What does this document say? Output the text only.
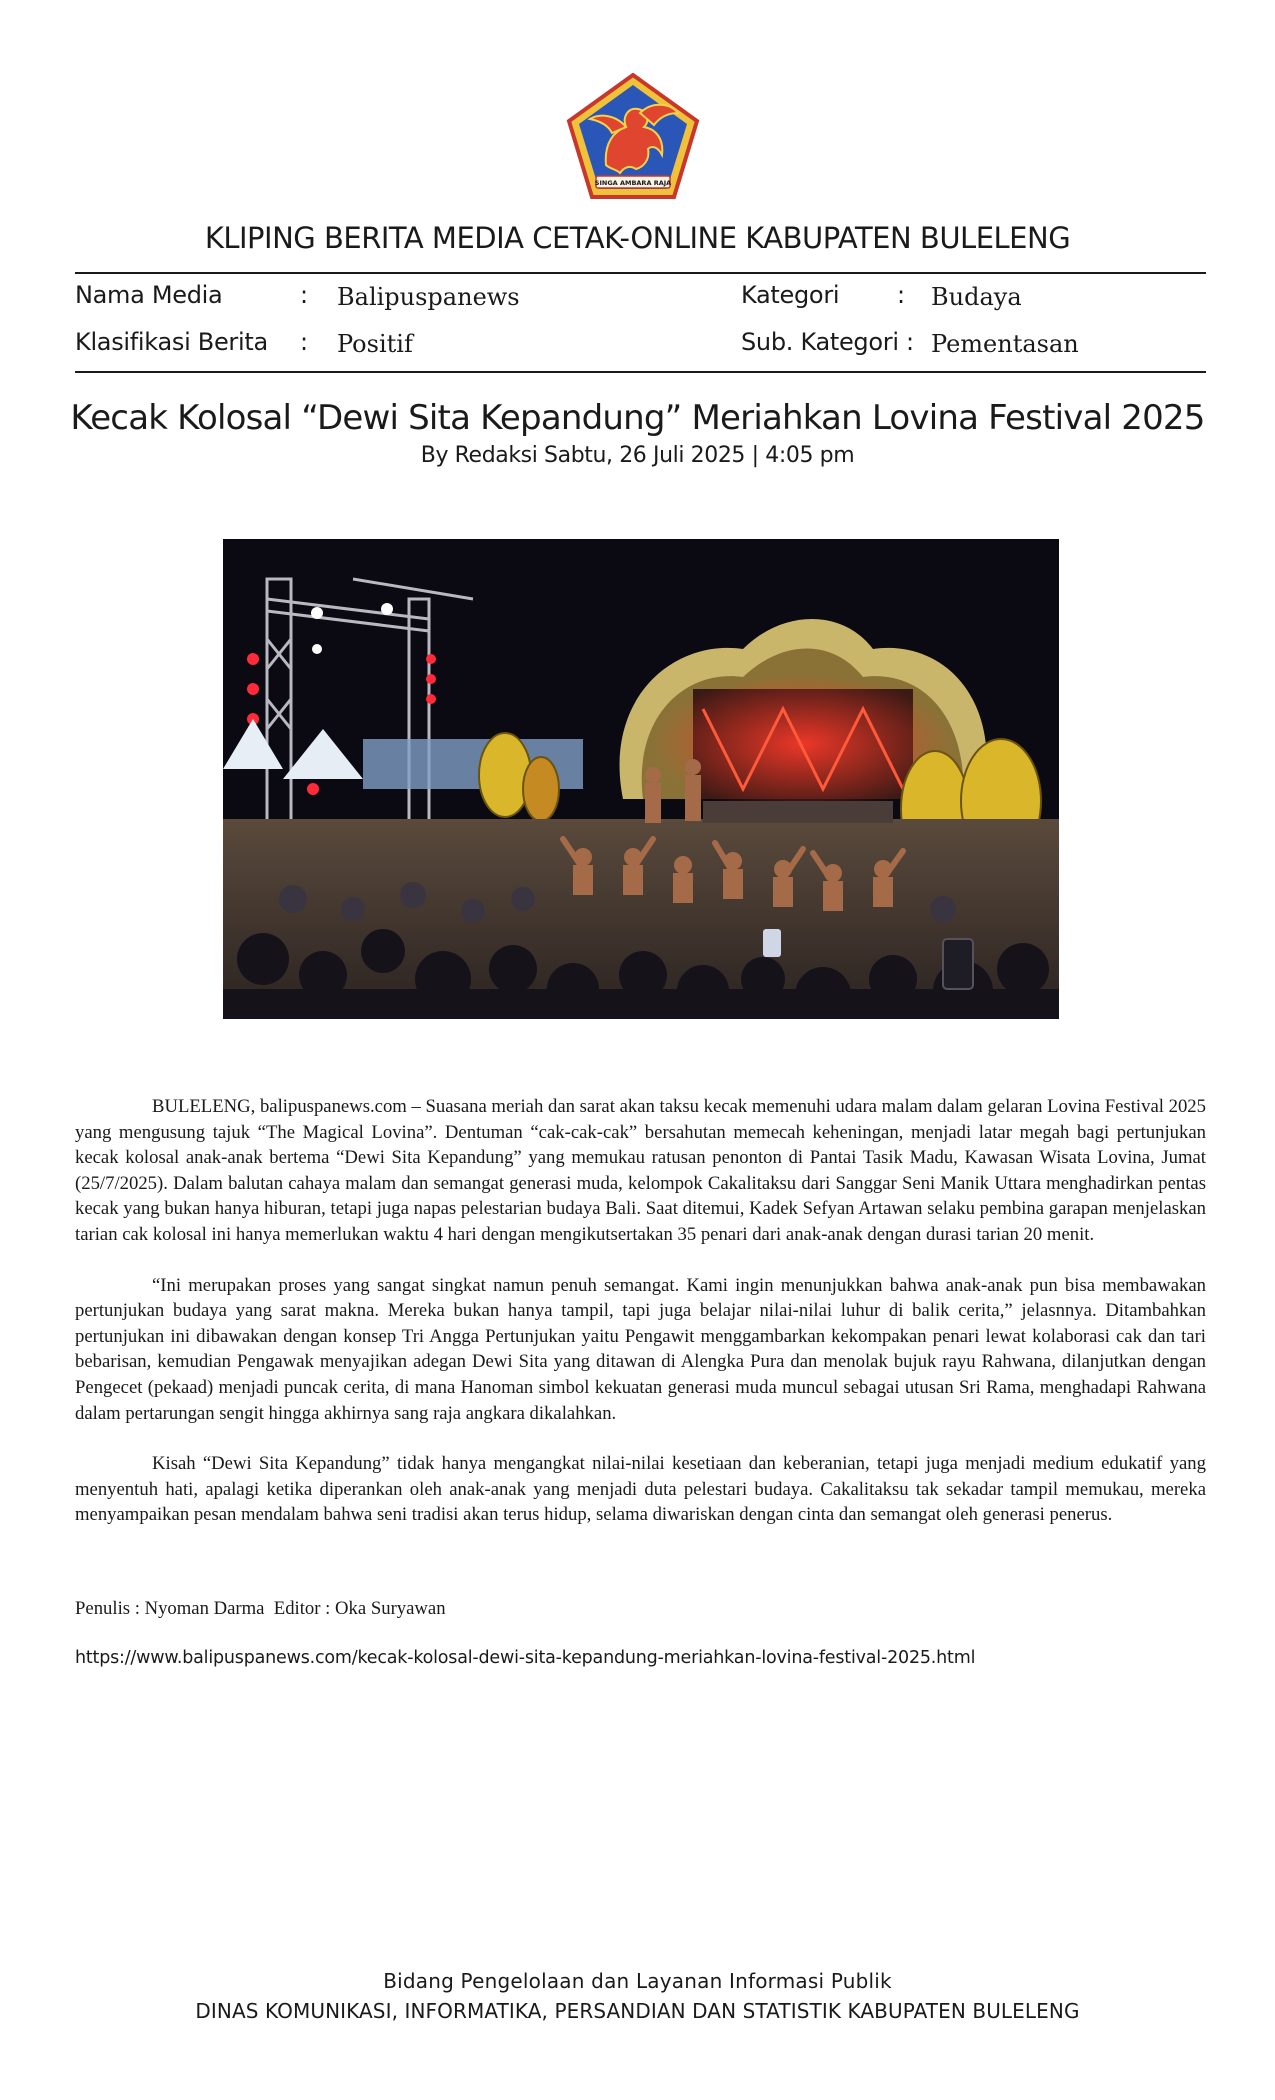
SINGA AMBARA RAJA
KLIPING BERITA MEDIA CETAK-ONLINE KABUPATEN BULELENG
Nama Media	: Balipuspanews	Kategori : Budaya
Klasifikasi Berita : Positif	Sub. Kategori : Pementasan
Kecak Kolosal “Dewi Sita Kepandung” Meriahkan Lovina Festival 2025
By Redaksi Sabtu, 26 Juli 2025 | 4:05 pm

BULELENG, balipuspanews.com – Suasana meriah dan sarat akan taksu kecak memenuhi udara malam dalam gelaran Lovina Festival 2025 yang mengusung tajuk “The Magical Lovina”. Dentuman “cak-cak-cak” bersahutan memecah keheningan, menjadi latar megah bagi pertunjukan kecak kolosal anak-anak bertema “Dewi Sita Kepandung” yang memukau ratusan penonton di Pantai Tasik Madu, Kawasan Wisata Lovina, Jumat (25/7/2025). Dalam balutan cahaya malam dan semangat generasi muda, kelompok Cakalitaksu dari Sanggar Seni Manik Uttara menghadirkan pentas kecak yang bukan hanya hiburan, tetapi juga napas pelestarian budaya Bali. Saat ditemui, Kadek Sefyan Artawan selaku pembina garapan menjelaskan tarian cak kolosal ini hanya memerlukan waktu 4 hari dengan mengikutsertakan 35 penari dari anak-anak dengan durasi tarian 20 menit.

“Ini merupakan proses yang sangat singkat namun penuh semangat. Kami ingin menunjukkan bahwa anak-anak pun bisa membawakan pertunjukan budaya yang sarat makna. Mereka bukan hanya tampil, tapi juga belajar nilai-nilai luhur di balik cerita,” jelasnnya. Ditambahkan pertunjukan ini dibawakan dengan konsep Tri Angga Pertunjukan yaitu Pengawit menggambarkan kekompakan penari lewat kolaborasi cak dan tari bebarisan, kemudian Pengawak menyajikan adegan Dewi Sita yang ditawan di Alengka Pura dan menolak bujuk rayu Rahwana, dilanjutkan dengan Pengecet (pekaad) menjadi puncak cerita, di mana Hanoman simbol kekuatan generasi muda muncul sebagai utusan Sri Rama, menghadapi Rahwana dalam pertarungan sengit hingga akhirnya sang raja angkara dikalahkan.

Kisah “Dewi Sita Kepandung” tidak hanya mengangkat nilai-nilai kesetiaan dan keberanian, tetapi juga menjadi medium edukatif yang menyentuh hati, apalagi ketika diperankan oleh anak-anak yang menjadi duta pelestari budaya. Cakalitaksu tak sekadar tampil memukau, mereka menyampaikan pesan mendalam bahwa seni tradisi akan terus hidup, selama diwariskan dengan cinta dan semangat oleh generasi penerus.

Penulis : Nyoman Darma  Editor : Oka Suryawan
https://www.balipuspanews.com/kecak-kolosal-dewi-sita-kepandung-meriahkan-lovina-festival-2025.html
Bidang Pengelolaan dan Layanan Informasi Publik
DINAS KOMUNIKASI, INFORMATIKA, PERSANDIAN DAN STATISTIK KABUPATEN BULELENG
